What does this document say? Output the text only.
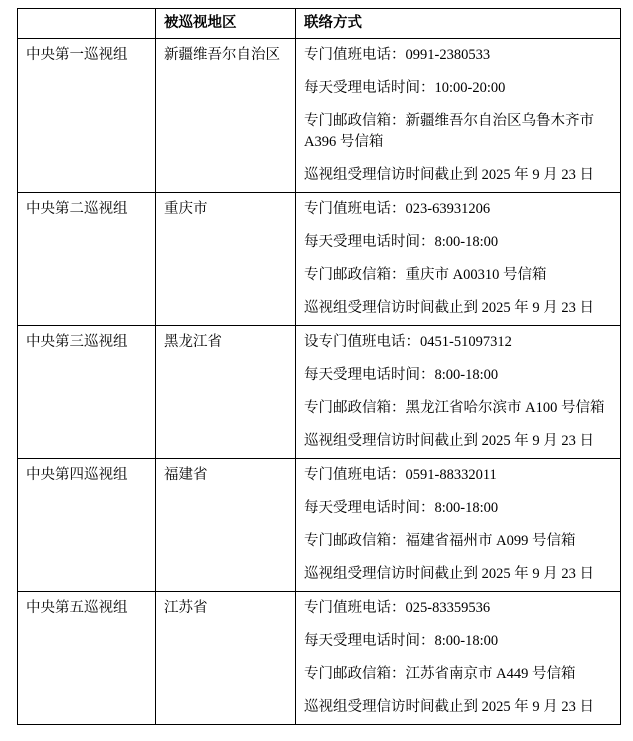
	被巡视地区	联络方式
中央第一巡视组	新疆维吾尔自治区	专门值班电话：0991-2380533

每天受理电话时间：10:00-20:00

专门邮政信箱：新疆维吾尔自治区乌鲁木齐市 A396 号信箱

巡视组受理信访时间截止到 2025 年 9 月 23 日

中央第二巡视组	重庆市	专门值班电话：023-63931206

每天受理电话时间：8:00-18:00

专门邮政信箱：重庆市 A00310 号信箱

巡视组受理信访时间截止到 2025 年 9 月 23 日

中央第三巡视组	黑龙江省	设专门值班电话：0451-51097312

每天受理电话时间：8:00-18:00

专门邮政信箱：黑龙江省哈尔滨市 A100 号信箱

巡视组受理信访时间截止到 2025 年 9 月 23 日

中央第四巡视组	福建省	专门值班电话：0591-88332011

每天受理电话时间：8:00-18:00

专门邮政信箱：福建省福州市 A099 号信箱

巡视组受理信访时间截止到 2025 年 9 月 23 日

中央第五巡视组	江苏省	专门值班电话：025-83359536

每天受理电话时间：8:00-18:00

专门邮政信箱：江苏省南京市 A449 号信箱

巡视组受理信访时间截止到 2025 年 9 月 23 日
